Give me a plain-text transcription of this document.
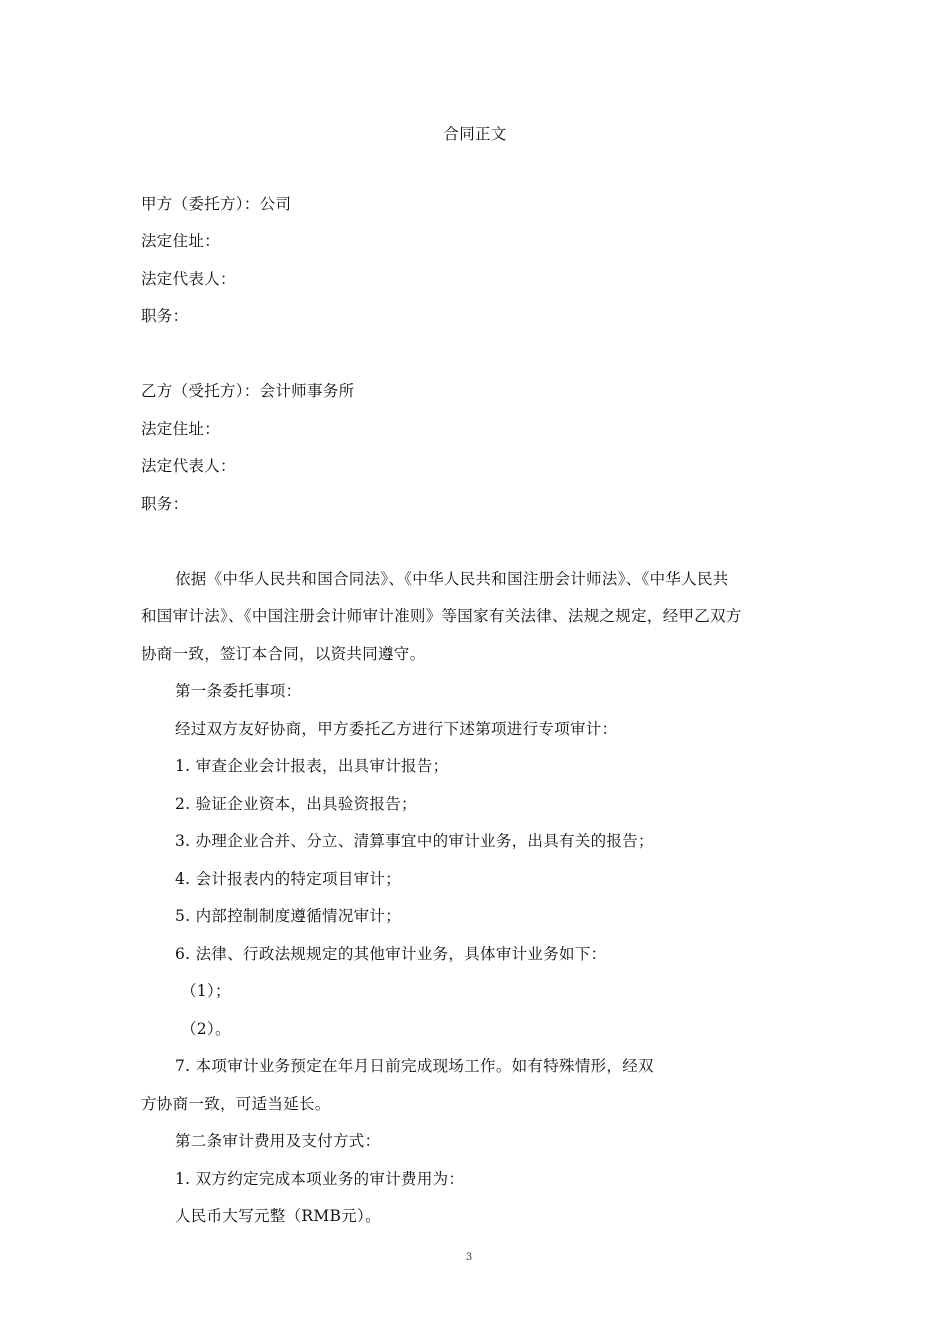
合同正文
甲方（委托方）：公司
法定住址：
法定代表人：
职务：
乙方（受托方）：会计师事务所
法定住址：
法定代表人：
职务：
依据《中华人民共和国合同法》、《中华人民共和国注册会计师法》、《中华人民共
和国审计法》、《中国注册会计师审计准则》等国家有关法律、法规之规定，经甲乙双方
协商一致，签订本合同，以资共同遵守。
第一条委托事项：
经过双方友好协商，甲方委托乙方进行下述第项进行专项审计：
1. 审查企业会计报表，出具审计报告；
2. 验证企业资本，出具验资报告；
3. 办理企业合并、分立、清算事宜中的审计业务，出具有关的报告；
4. 会计报表内的特定项目审计；
5. 内部控制制度遵循情况审计；
6. 法律、行政法规规定的其他审计业务，具体审计业务如下：
（1）；
（2）。
7. 本项审计业务预定在年月日前完成现场工作。如有特殊情形，经双
方协商一致，可适当延长。
第二条审计费用及支付方式：
1. 双方约定完成本项业务的审计费用为：
人民币大写元整（RMB元）。
3
